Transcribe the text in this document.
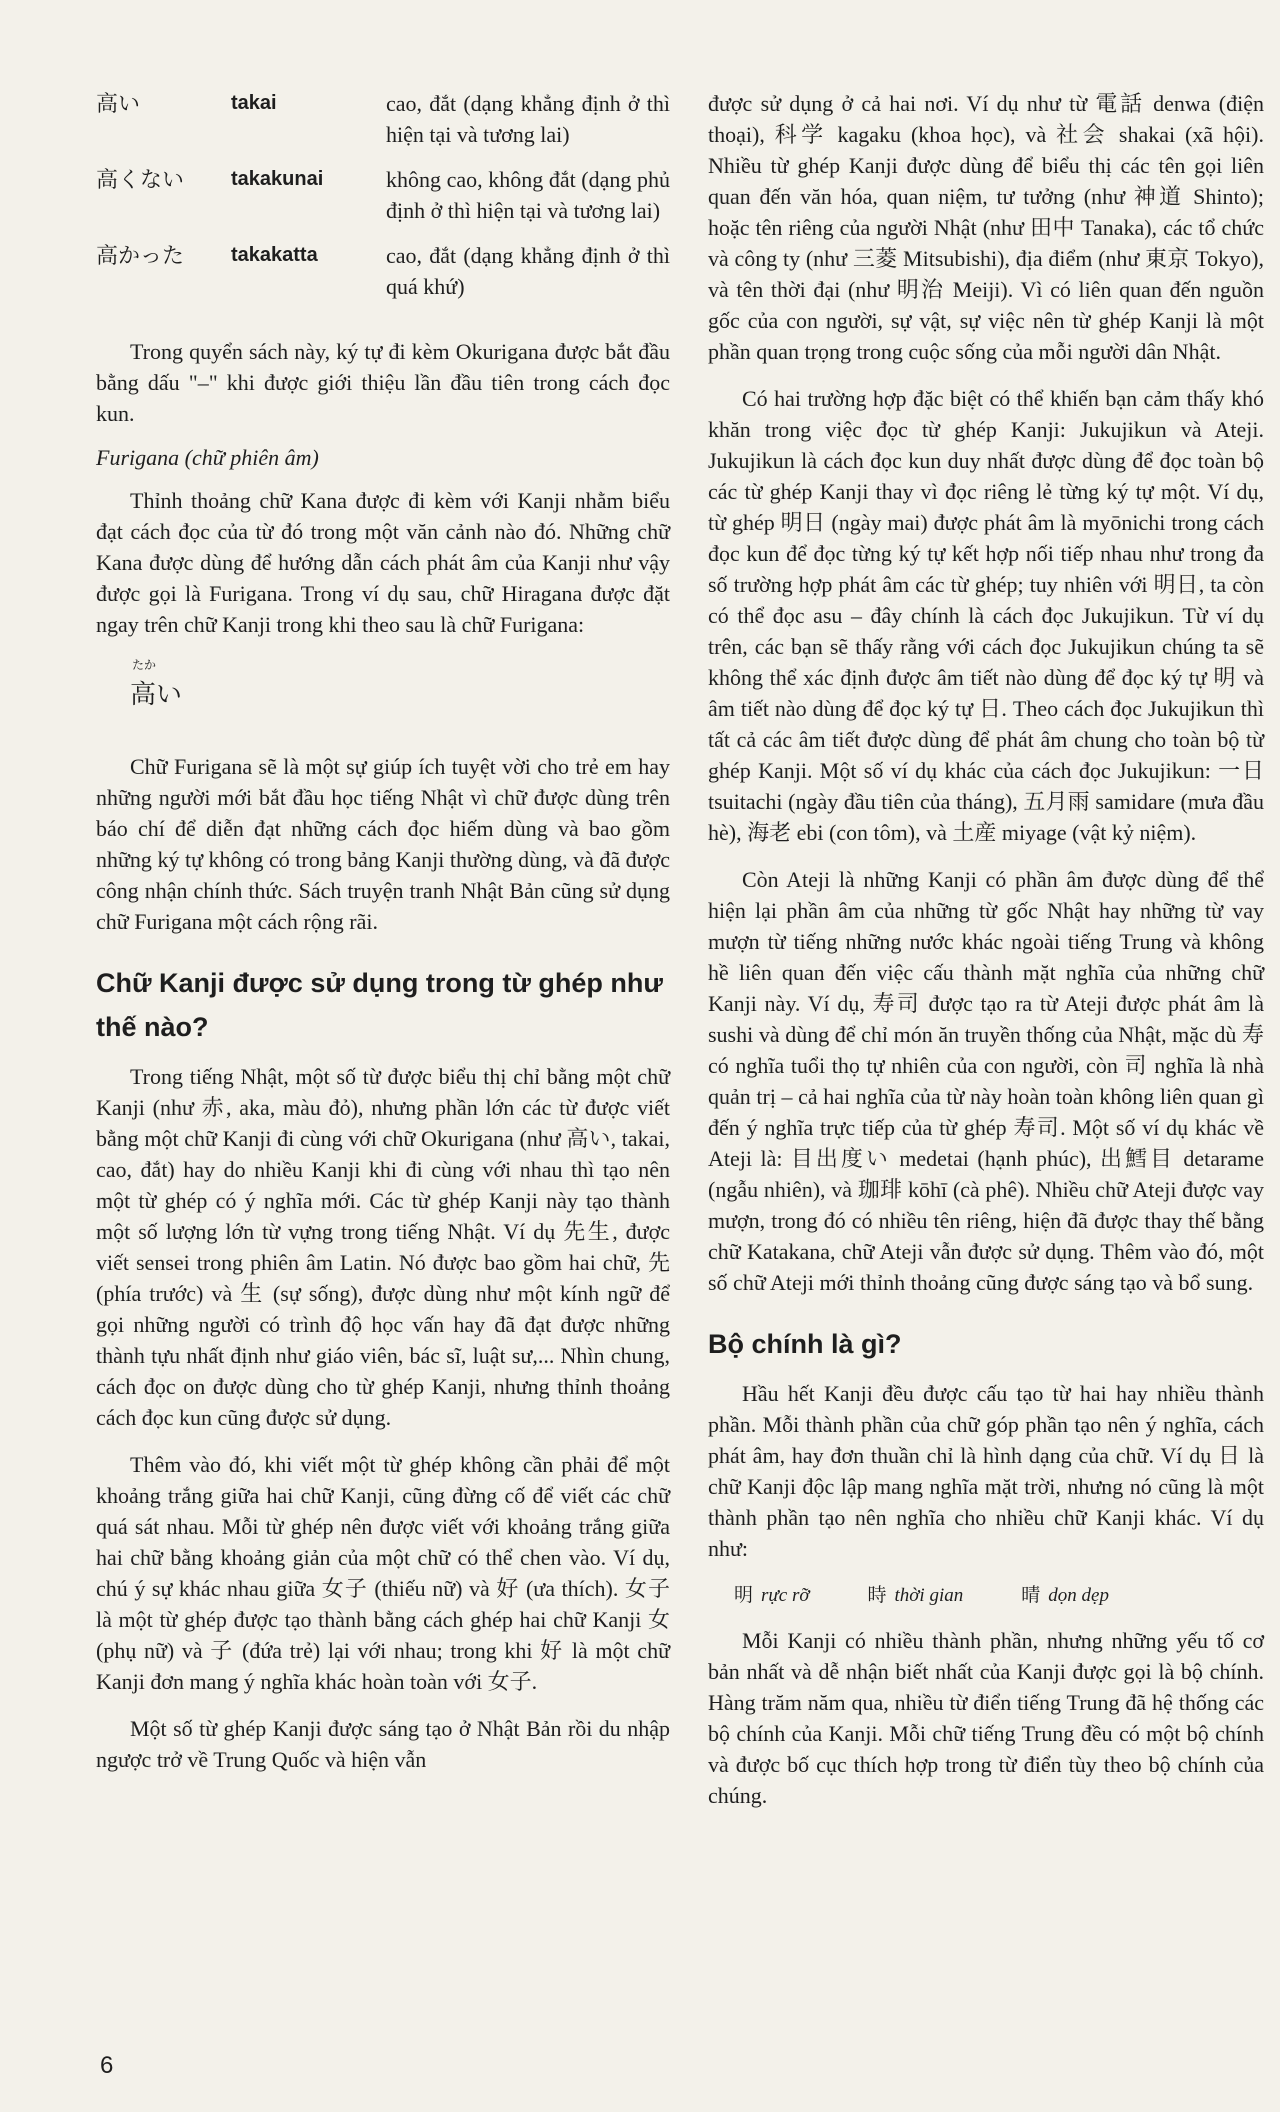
高い	takai	cao, đắt (dạng khẳng định ở thì hiện tại và tương lai)
高くない	takakunai	không cao, không đắt (dạng phủ định ở thì hiện tại và tương lai)
高かった	takakatta	cao, đắt (dạng khẳng định ở thì quá khứ)

Trong quyển sách này, ký tự đi kèm Okurigana được bắt đầu bằng dấu "–" khi được giới thiệu lần đầu tiên trong cách đọc kun.

Furigana (chữ phiên âm)

Thỉnh thoảng chữ Kana được đi kèm với Kanji nhằm biểu đạt cách đọc của từ đó trong một văn cảnh nào đó. Những chữ Kana được dùng để hướng dẫn cách phát âm của Kanji như vậy được gọi là Furigana. Trong ví dụ sau, chữ Hiragana được đặt ngay trên chữ Kanji trong khi theo sau là chữ Furigana:

たか
高い

Chữ Furigana sẽ là một sự giúp ích tuyệt vời cho trẻ em hay những người mới bắt đầu học tiếng Nhật vì chữ được dùng trên báo chí để diễn đạt những cách đọc hiếm dùng và bao gồm những ký tự không có trong bảng Kanji thường dùng, và đã được công nhận chính thức. Sách truyện tranh Nhật Bản cũng sử dụng chữ Furigana một cách rộng rãi.

Chữ Kanji được sử dụng trong từ ghép như thế nào?

Trong tiếng Nhật, một số từ được biểu thị chỉ bằng một chữ Kanji (như 赤, aka, màu đỏ), nhưng phần lớn các từ được viết bằng một chữ Kanji đi cùng với chữ Okurigana (như 高い, takai, cao, đắt) hay do nhiều Kanji khi đi cùng với nhau thì tạo nên một từ ghép có ý nghĩa mới. Các từ ghép Kanji này tạo thành một số lượng lớn từ vựng trong tiếng Nhật. Ví dụ 先生, được viết sensei trong phiên âm Latin. Nó được bao gồm hai chữ, 先 (phía trước) và 生 (sự sống), được dùng như một kính ngữ để gọi những người có trình độ học vấn hay đã đạt được những thành tựu nhất định như giáo viên, bác sĩ, luật sư,... Nhìn chung, cách đọc on được dùng cho từ ghép Kanji, nhưng thỉnh thoảng cách đọc kun cũng được sử dụng.

Thêm vào đó, khi viết một từ ghép không cần phải để một khoảng trắng giữa hai chữ Kanji, cũng đừng cố để viết các chữ quá sát nhau. Mỗi từ ghép nên được viết với khoảng trắng giữa hai chữ bằng khoảng giản của một chữ có thể chen vào. Ví dụ, chú ý sự khác nhau giữa 女子 (thiếu nữ) và 好 (ưa thích). 女子 là một từ ghép được tạo thành bằng cách ghép hai chữ Kanji 女 (phụ nữ) và 子 (đứa trẻ) lại với nhau; trong khi 好 là một chữ Kanji đơn mang ý nghĩa khác hoàn toàn với 女子.

Một số từ ghép Kanji được sáng tạo ở Nhật Bản rồi du nhập ngược trở về Trung Quốc và hiện vẫn

được sử dụng ở cả hai nơi. Ví dụ như từ 電話 denwa (điện thoại), 科学 kagaku (khoa học), và 社会 shakai (xã hội). Nhiều từ ghép Kanji được dùng để biểu thị các tên gọi liên quan đến văn hóa, quan niệm, tư tưởng (như 神道 Shinto); hoặc tên riêng của người Nhật (như 田中 Tanaka), các tổ chức và công ty (như 三菱 Mitsubishi), địa điểm (như 東京 Tokyo), và tên thời đại (như 明治 Meiji). Vì có liên quan đến nguồn gốc của con người, sự vật, sự việc nên từ ghép Kanji là một phần quan trọng trong cuộc sống của mỗi người dân Nhật.

Có hai trường hợp đặc biệt có thể khiến bạn cảm thấy khó khăn trong việc đọc từ ghép Kanji: Jukujikun và Ateji. Jukujikun là cách đọc kun duy nhất được dùng để đọc toàn bộ các từ ghép Kanji thay vì đọc riêng lẻ từng ký tự một. Ví dụ, từ ghép 明日 (ngày mai) được phát âm là myōnichi trong cách đọc kun để đọc từng ký tự kết hợp nối tiếp nhau như trong đa số trường hợp phát âm các từ ghép; tuy nhiên với 明日, ta còn có thể đọc asu – đây chính là cách đọc Jukujikun. Từ ví dụ trên, các bạn sẽ thấy rằng với cách đọc Jukujikun chúng ta sẽ không thể xác định được âm tiết nào dùng để đọc ký tự 明 và âm tiết nào dùng để đọc ký tự 日. Theo cách đọc Jukujikun thì tất cả các âm tiết được dùng để phát âm chung cho toàn bộ từ ghép Kanji. Một số ví dụ khác của cách đọc Jukujikun: 一日 tsuitachi (ngày đầu tiên của tháng), 五月雨 samidare (mưa đầu hè), 海老 ebi (con tôm), và 土産 miyage (vật kỷ niệm).

Còn Ateji là những Kanji có phần âm được dùng để thể hiện lại phần âm của những từ gốc Nhật hay những từ vay mượn từ tiếng những nước khác ngoài tiếng Trung và không hề liên quan đến việc cấu thành mặt nghĩa của những chữ Kanji này. Ví dụ, 寿司 được tạo ra từ Ateji được phát âm là sushi và dùng để chỉ món ăn truyền thống của Nhật, mặc dù 寿 có nghĩa tuổi thọ tự nhiên của con người, còn 司 nghĩa là nhà quản trị – cả hai nghĩa của từ này hoàn toàn không liên quan gì đến ý nghĩa trực tiếp của từ ghép 寿司. Một số ví dụ khác về Ateji là: 目出度い medetai (hạnh phúc), 出鱈目 detarame (ngẫu nhiên), và 珈琲 kōhī (cà phê). Nhiều chữ Ateji được vay mượn, trong đó có nhiều tên riêng, hiện đã được thay thế bằng chữ Katakana, chữ Ateji vẫn được sử dụng. Thêm vào đó, một số chữ Ateji mới thỉnh thoảng cũng được sáng tạo và bổ sung.

Bộ chính là gì?

Hầu hết Kanji đều được cấu tạo từ hai hay nhiều thành phần. Mỗi thành phần của chữ góp phần tạo nên ý nghĩa, cách phát âm, hay đơn thuần chỉ là hình dạng của chữ. Ví dụ 日 là chữ Kanji độc lập mang nghĩa mặt trời, nhưng nó cũng là một thành phần tạo nên nghĩa cho nhiều chữ Kanji khác. Ví dụ như:

明 rực rỡ	時 thời gian	晴 dọn dẹp

Mỗi Kanji có nhiều thành phần, nhưng những yếu tố cơ bản nhất và dễ nhận biết nhất của Kanji được gọi là bộ chính. Hàng trăm năm qua, nhiều từ điển tiếng Trung đã hệ thống các bộ chính của Kanji. Mỗi chữ tiếng Trung đều có một bộ chính và được bố cục thích hợp trong từ điển tùy theo bộ chính của chúng.

6
